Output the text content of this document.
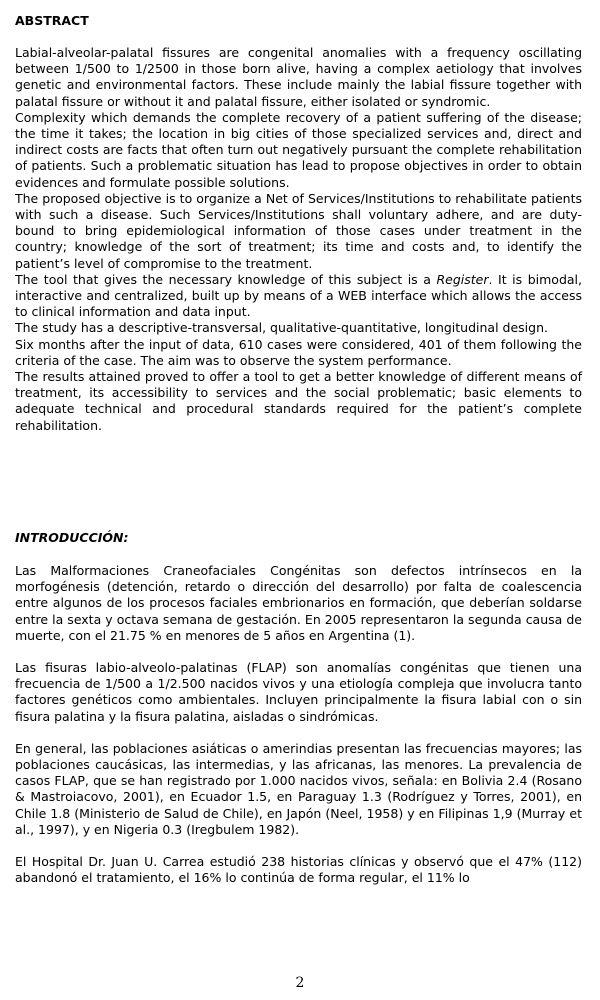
ABSTRACT

Labial-alveolar-palatal fissures are congenital anomalies with a frequency oscillating between 1/500 to 1/2500 in those born alive, having a complex aetiology that involves genetic and environmental factors. These include mainly the labial fissure together with palatal fissure or without it and palatal fissure, either isolated or syndromic.

Complexity which demands the complete recovery of a patient suffering of the disease; the time it takes; the location in big cities of those specialized services and, direct and indirect costs are facts that often turn out negatively pursuant the complete rehabilitation of patients. Such a problematic situation has lead to propose objectives in order to obtain evidences and formulate possible solutions.

The proposed objective is to organize a Net of Services/Institutions to rehabilitate patients with such a disease. Such Services/Institutions shall voluntary adhere, and are duty-bound to bring epidemiological information of those cases under treatment in the country; knowledge of the sort of treatment; its time and costs and, to identify the patient’s level of compromise to the treatment.

The tool that gives the necessary knowledge of this subject is a Register. It is bimodal, interactive and centralized, built up by means of a WEB interface which allows the access to clinical information and data input.

The study has a descriptive-transversal, qualitative-quantitative, longitudinal design.

Six months after the input of data, 610 cases were considered, 401 of them following the criteria of the case. The aim was to observe the system performance.

The results attained proved to offer a tool to get a better knowledge of different means of treatment, its accessibility to services and the social problematic; basic elements to adequate technical and procedural standards required for the patient’s complete rehabilitation.

INTRODUCCIÓN:

Las Malformaciones Craneofaciales Congénitas son defectos intrínsecos en la morfogénesis (detención, retardo o dirección del desarrollo) por falta de coalescencia entre algunos de los procesos faciales embrionarios en formación, que deberían soldarse entre la sexta y octava semana de gestación. En 2005 representaron la segunda causa de muerte, con el 21.75 % en menores de 5 años en Argentina (1).

Las fisuras labio-alveolo-palatinas (FLAP) son anomalías congénitas que tienen una frecuencia de 1/500 a 1/2.500 nacidos vivos y una etiología compleja que involucra tanto factores genéticos como ambientales. Incluyen principalmente la fisura labial con o sin fisura palatina y la fisura palatina, aisladas o sindrómicas.

En general, las poblaciones asiáticas o amerindias presentan las frecuencias mayores; las poblaciones caucásicas, las intermedias, y las africanas, las menores. La prevalencia de casos FLAP, que se han registrado por 1.000 nacidos vivos, señala: en Bolivia 2.4 (Rosano & Mastroiacovo, 2001), en Ecuador 1.5, en Paraguay 1.3 (Rodríguez y Torres, 2001), en Chile 1.8 (Ministerio de Salud de Chile), en Japón (Neel, 1958) y en Filipinas 1,9 (Murray et al., 1997), y en Nigeria 0.3 (Iregbulem 1982).

El Hospital Dr. Juan U. Carrea estudió 238 historias clínicas y observó que el 47% (112) abandonó el tratamiento, el 16% lo continúa de forma regular, el 11% lo

2
